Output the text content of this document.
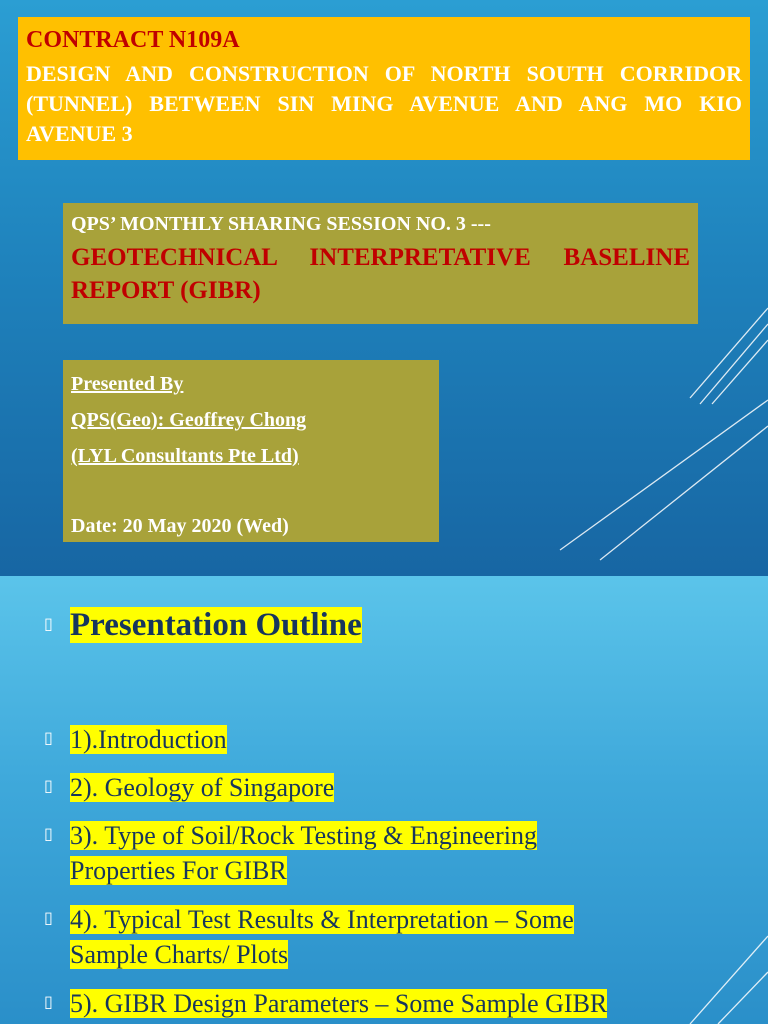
CONTRACT N109A

DESIGN AND CONSTRUCTION OF NORTH SOUTH CORRIDOR (TUNNEL) BETWEEN SIN MING AVENUE AND ANG MO KIO AVENUE 3

QPS’ MONTHLY SHARING SESSION NO. 3 ---

GEOTECHNICAL INTERPRETATIVE BASELINE REPORT (GIBR)

Presented By

QPS(Geo): Geoffrey Chong

(LYL Consultants Pte Ltd)

Date: 20 May 2020 (Wed)

▯ Presentation Outline
▯ 1).Introduction
▯ 2). Geology of Singapore
▯ 3). Type of Soil/Rock Testing & Engineering
Properties For GIBR
▯ 4). Typical Test Results & Interpretation – Some
Sample Charts/ Plots
▯ 5). GIBR Design Parameters – Some Sample GIBR
